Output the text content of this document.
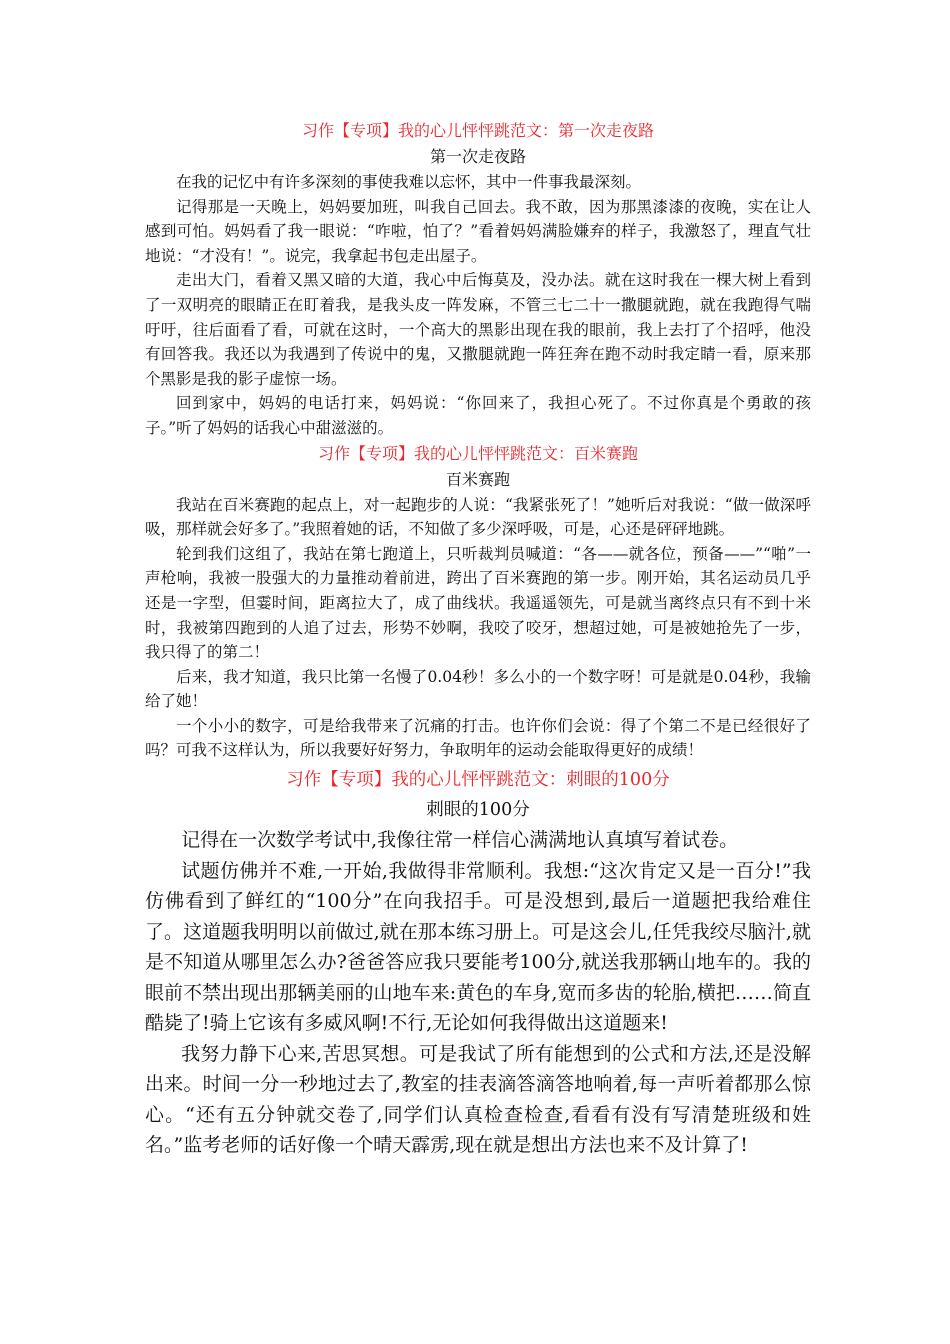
习作【专项】我的心儿怦怦跳范文：第一次走夜路

第一次走夜路

在我的记忆中有许多深刻的事使我难以忘怀，其中一件事我最深刻。

记得那是一天晚上，妈妈要加班，叫我自己回去。我不敢，因为那黑漆漆的夜晚，实在让人感到可怕。妈妈看了我一眼说：“咋啦，怕了？”看着妈妈满脸嫌弃的样子，我激怒了，理直气壮地说：“才没有！”。说完，我拿起书包走出屋子。

走出大门，看着又黑又暗的大道，我心中后悔莫及，没办法。就在这时我在一棵大树上看到了一双明亮的眼睛正在盯着我，是我头皮一阵发麻，不管三七二十一撒腿就跑，就在我跑得气喘吁吁，往后面看了看，可就在这时，一个高大的黑影出现在我的眼前，我上去打了个招呼，他没有回答我。我还以为我遇到了传说中的鬼，又撒腿就跑一阵狂奔在跑不动时我定睛一看，原来那个黑影是我的影子虚惊一场。

回到家中，妈妈的电话打来，妈妈说：“你回来了，我担心死了。不过你真是个勇敢的孩子。”听了妈妈的话我心中甜滋滋的。

习作【专项】我的心儿怦怦跳范文：百米赛跑

百米赛跑

我站在百米赛跑的起点上，对一起跑步的人说：“我紧张死了！”她听后对我说：“做一做深呼吸，那样就会好多了。”我照着她的话，不知做了多少深呼吸，可是，心还是砰砰地跳。

轮到我们这组了，我站在第七跑道上，只听裁判员喊道：“各——就各位，预备——”“啪”一声枪响，我被一股强大的力量推动着前进，跨出了百米赛跑的第一步。刚开始，其名运动员几乎还是一字型，但霎时间，距离拉大了，成了曲线状。我遥遥领先，可是就当离终点只有不到十米时，我被第四跑到的人追了过去，形势不妙啊，我咬了咬牙，想超过她，可是被她抢先了一步，我只得了的第二！

后来，我才知道，我只比第一名慢了0.04秒！多么小的一个数字呀！可是就是0.04秒，我输给了她！

一个小小的数字，可是给我带来了沉痛的打击。也许你们会说：得了个第二不是已经很好了吗？可我不这样认为，所以我要好好努力，争取明年的运动会能取得更好的成绩！

习作【专项】我的心儿怦怦跳范文：刺眼的100分

刺眼的100分

记得在一次数学考试中,我像往常一样信心满满地认真填写着试卷。

试题仿佛并不难,一开始,我做得非常顺利。我想:“这次肯定又是一百分!”我仿佛看到了鲜红的“100分”在向我招手。可是没想到,最后一道题把我给难住了。这道题我明明以前做过,就在那本练习册上。可是这会儿,任凭我绞尽脑汁,就是不知道从哪里怎么办?爸爸答应我只要能考100分,就送我那辆山地车的。我的眼前不禁出现出那辆美丽的山地车来:黄色的车身,宽而多齿的轮胎,横把……简直酷毙了!骑上它该有多威风啊!不行,无论如何我得做出这道题来!

我努力静下心来,苦思冥想。可是我试了所有能想到的公式和方法,还是没解出来。时间一分一秒地过去了,教室的挂表滴答滴答地响着,每一声听着都那么惊心。“还有五分钟就交卷了,同学们认真检查检查,看看有没有写清楚班级和姓名。”监考老师的话好像一个晴天霹雳,现在就是想出方法也来不及计算了!
